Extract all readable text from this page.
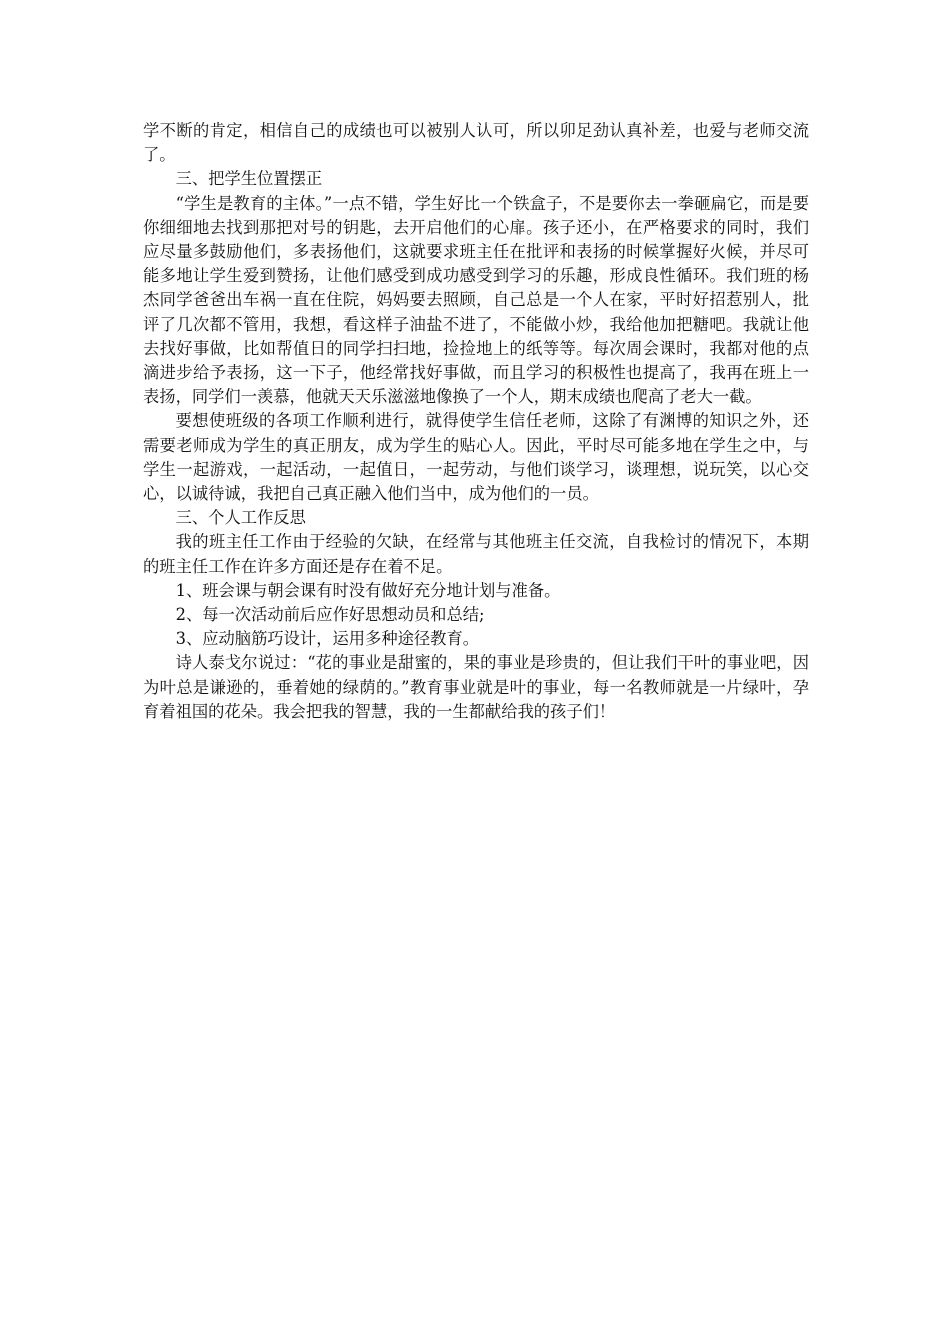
学不断的肯定，相信自己的成绩也可以被别人认可，所以卯足劲认真补差，也爱与老师交流了。

三、把学生位置摆正

“学生是教育的主体。”一点不错，学生好比一个铁盒子，不是要你去一拳砸扁它，而是要你细细地去找到那把对号的钥匙，去开启他们的心扉。孩子还小，在严格要求的同时，我们应尽量多鼓励他们，多表扬他们，这就要求班主任在批评和表扬的时候掌握好火候，并尽可能多地让学生爱到赞扬，让他们感受到成功感受到学习的乐趣，形成良性循环。我们班的杨杰同学爸爸出车祸一直在住院，妈妈要去照顾，自己总是一个人在家，平时好招惹别人，批评了几次都不管用，我想，看这样子油盐不进了，不能做小炒，我给他加把糖吧。我就让他去找好事做，比如帮值日的同学扫扫地，捡捡地上的纸等等。每次周会课时，我都对他的点滴进步给予表扬，这一下子，他经常找好事做，而且学习的积极性也提高了，我再在班上一表扬，同学们一羡慕，他就天天乐滋滋地像换了一个人，期末成绩也爬高了老大一截。

要想使班级的各项工作顺利进行，就得使学生信任老师，这除了有渊博的知识之外，还需要老师成为学生的真正朋友，成为学生的贴心人。因此，平时尽可能多地在学生之中，与学生一起游戏，一起活动，一起值日，一起劳动，与他们谈学习，谈理想，说玩笑，以心交心，以诚待诚，我把自己真正融入他们当中，成为他们的一员。

三、个人工作反思

我的班主任工作由于经验的欠缺，在经常与其他班主任交流，自我检讨的情况下，本期的班主任工作在许多方面还是存在着不足。

1、班会课与朝会课有时没有做好充分地计划与准备。

2、每一次活动前后应作好思想动员和总结;

3、应动脑筋巧设计，运用多种途径教育。

诗人泰戈尔说过：“花的事业是甜蜜的，果的事业是珍贵的，但让我们干叶的事业吧，因为叶总是谦逊的，垂着她的绿荫的。”教育事业就是叶的事业，每一名教师就是一片绿叶，孕育着祖国的花朵。我会把我的智慧，我的一生都献给我的孩子们！
